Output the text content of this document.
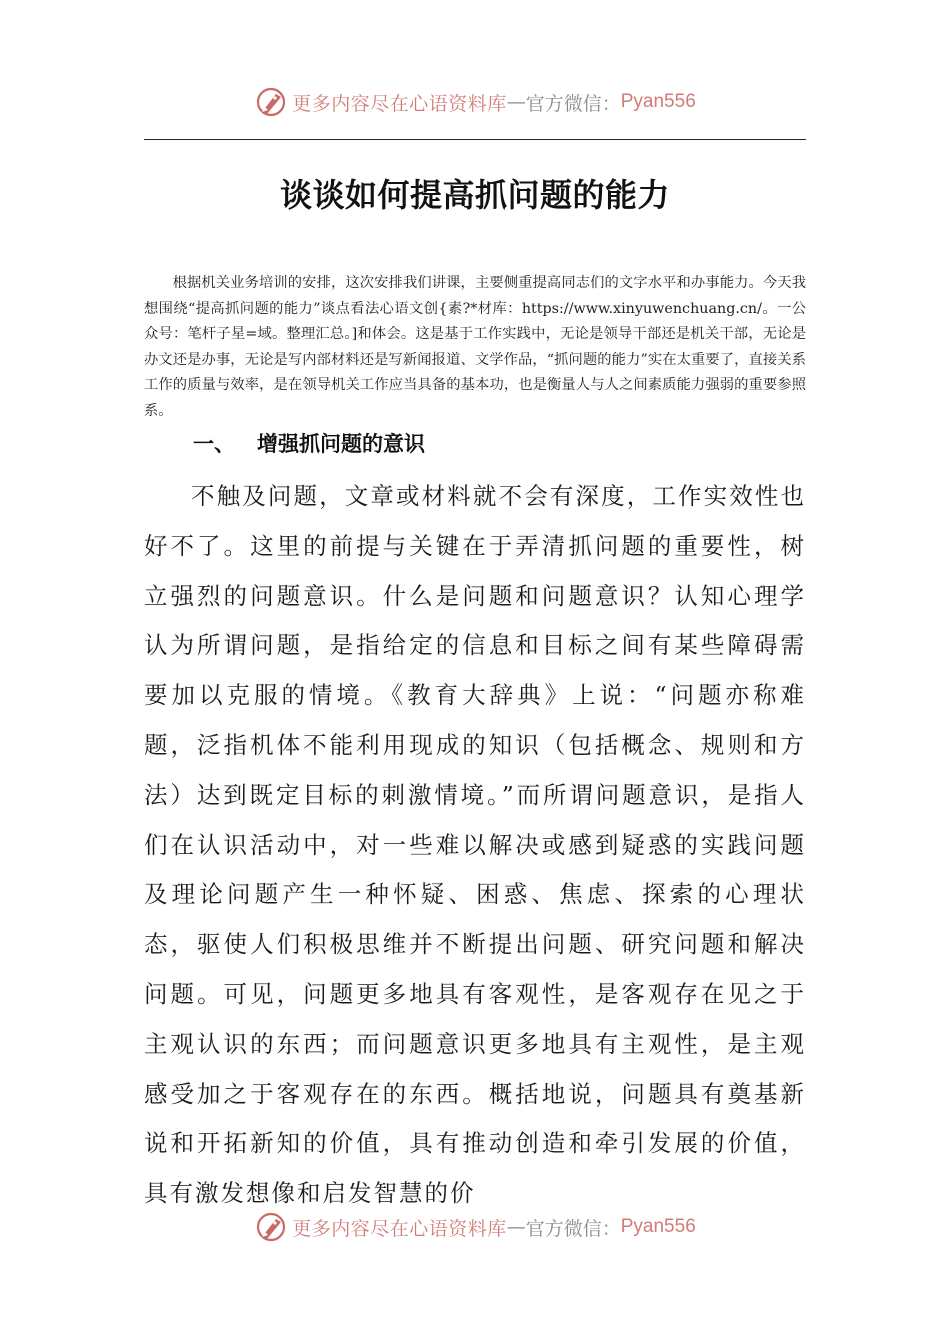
更多内容尽在心语资料库 — 官方微信： Pyan556
谈谈如何提高抓问题的能力

根据机关业务培训的安排，这次安排我们讲课，主要侧重提高同志们的文字水平和办事能力。今天我想围绕“提高抓问题的能力”谈点看法心语文创{素?*材库：https://www.xinyuwenchuang.cn/。一公众号：笔杆子星=域。整理汇总。]和体会。这是基于工作实践中，无论是领导干部还是机关干部，无论是办文还是办事，无论是写内部材料还是写新闻报道、文学作品，“抓问题的能力”实在太重要了，直接关系工作的质量与效率，是在领导机关工作应当具备的基本功，也是衡量人与人之间素质能力强弱的重要参照系。

一、 增强抓问题的意识

不触及问题，文章或材料就不会有深度，工作实效性也好不了。这里的前提与关键在于弄清抓问题的重要性，树立强烈的问题意识。什么是问题和问题意识？认知心理学认为所谓问题，是指给定的信息和目标之间有某些障碍需要加以克服的情境。《教育大辞典》上说：“问题亦称难题，泛指机体不能利用现成的知识（包括概念、规则和方法）达到既定目标的刺激情境。”而所谓问题意识，是指人们在认识活动中，对一些难以解决或感到疑惑的实践问题及理论问题产生一种怀疑、困惑、焦虑、探索的心理状态，驱使人们积极思维并不断提出问题、研究问题和解决问题。可见，问题更多地具有客观性，是客观存在见之于主观认识的东西；而问题意识更多地具有主观性，是主观感受加之于客观存在的东西。概括地说，问题具有奠基新说和开拓新知的价值，具有推动创造和牵引发展的价值，具有激发想像和启发智慧的价

更多内容尽在心语资料库 — 官方微信： Pyan556
